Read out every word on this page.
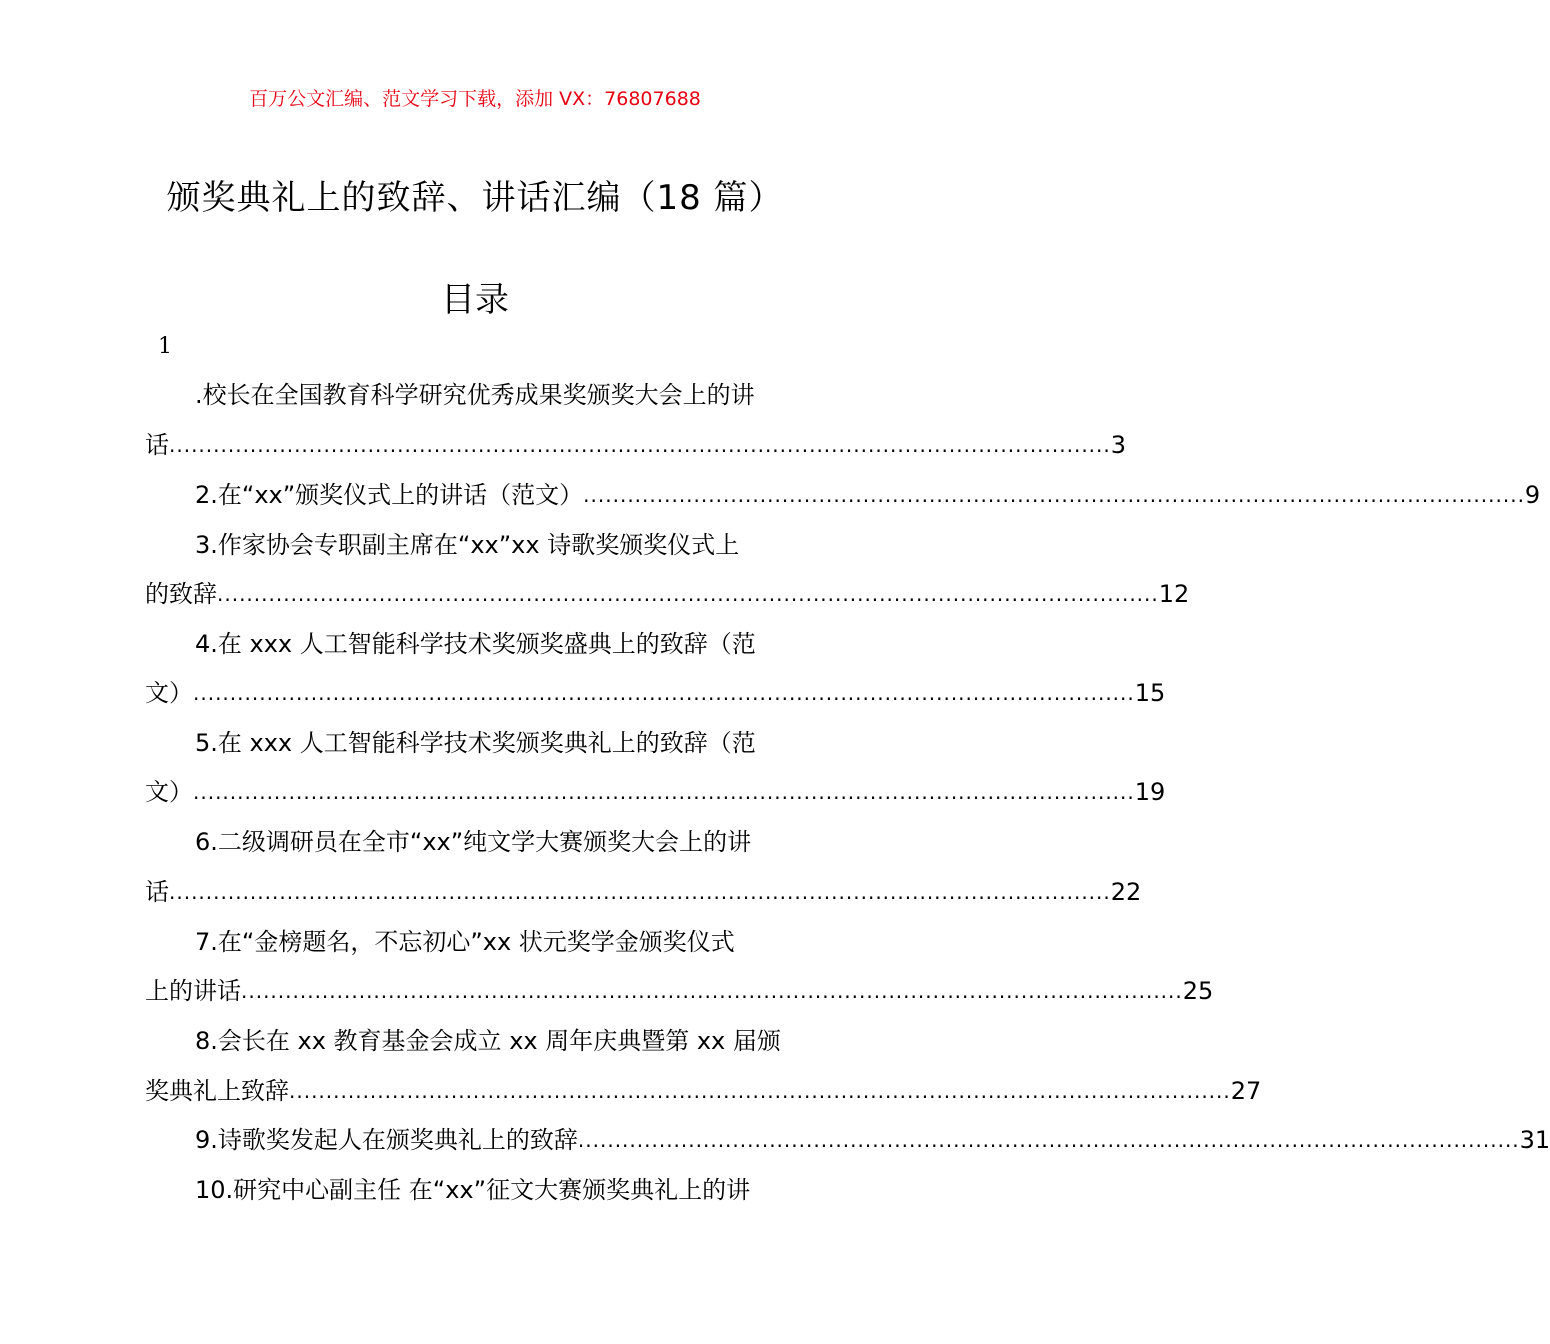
百万公文汇编、范文学习下载，添加 VX：76807688
颁奖典礼上的致辞、讲话汇编（18 篇）
目录
1
.校长在全国教育科学研究优秀成果奖颁奖大会上的讲
话 ................................................................................................................................ 3
2.在“xx”颁奖仪式上的讲话（范文） ................................................................................................................................ 9
3.作家协会专职副主席在“xx”xx 诗歌奖颁奖仪式上
的致辞 ................................................................................................................................ 12
4.在 xxx 人工智能科学技术奖颁奖盛典上的致辞（范
文） ................................................................................................................................ 15
5.在 xxx 人工智能科学技术奖颁奖典礼上的致辞（范
文） ................................................................................................................................ 19
6.二级调研员在全市“xx”纯文学大赛颁奖大会上的讲
话 ................................................................................................................................ 22
7.在“金榜题名，不忘初心”xx 状元奖学金颁奖仪式
上的讲话 ................................................................................................................................ 25
8.会长在 xx 教育基金会成立 xx 周年庆典暨第 xx 届颁
奖典礼上致辞 ................................................................................................................................ 27
9.诗歌奖发起人在颁奖典礼上的致辞 ................................................................................................................................ 31
10.研究中心副主任 在“xx”征文大赛颁奖典礼上的讲
